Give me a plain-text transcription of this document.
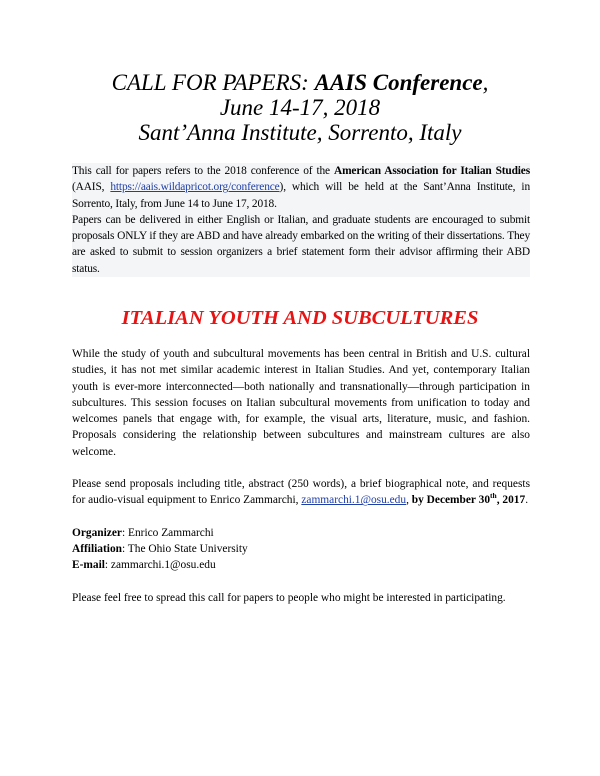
CALL FOR PAPERS: AAIS Conference,
June 14-17, 2018
Sant’Anna Institute, Sorrento, Italy

This call for papers refers to the 2018 conference of the American Association for Italian Studies (AAIS, https://aais.wildapricot.org/conference), which will be held at the Sant’Anna Institute, in Sorrento, Italy, from June 14 to June 17, 2018.

Papers can be delivered in either English or Italian, and graduate students are encouraged to submit proposals ONLY if they are ABD and have already embarked on the writing of their dissertations. They are asked to submit to session organizers a brief statement form their advisor affirming their ABD status.

ITALIAN YOUTH AND SUBCULTURES

While the study of youth and subcultural movements has been central in British and U.S. cultural studies, it has not met similar academic interest in Italian Studies. And yet, contemporary Italian youth is ever-more interconnected—both nationally and transnationally—through participation in subcultures. This session focuses on Italian subcultural movements from unification to today and welcomes panels that engage with, for example, the visual arts, literature, music, and fashion. Proposals considering the relationship between subcultures and mainstream cultures are also welcome.

Please send proposals including title, abstract (250 words), a brief biographical note, and requests for audio-visual equipment to Enrico Zammarchi, zammarchi.1@osu.edu, by December 30th, 2017.

Organizer: Enrico Zammarchi
Affiliation: The Ohio State University
E-mail: zammarchi.1@osu.edu

Please feel free to spread this call for papers to people who might be interested in participating.
